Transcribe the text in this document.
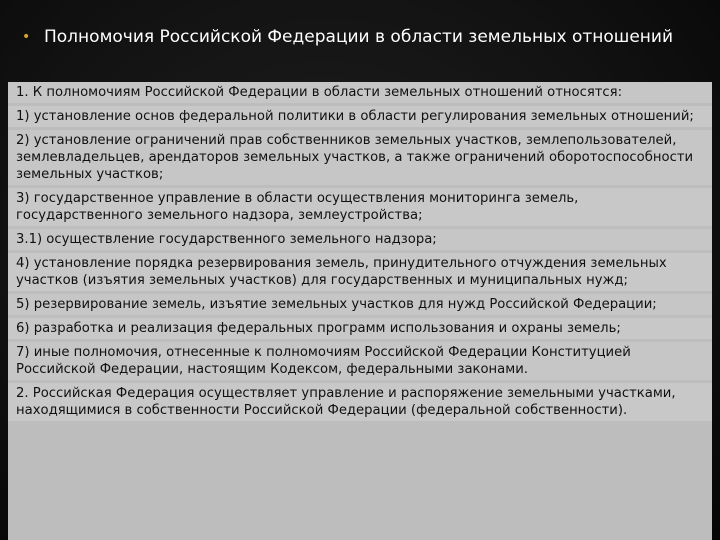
• Полномочия Российской Федерации в области земельных отношений
1. К полномочиям Российской Федерации в области земельных отношений относятся:
1) установление основ федеральной политики в области регулирования земельных отношений;
2) установление ограничений прав собственников земельных участков, землепользователей, землевладельцев, арендаторов земельных участков, а также ограничений оборотоспособности земельных участков;
3) государственное управление в области осуществления мониторинга земель, государственного земельного надзора, землеустройства;
3.1) осуществление государственного земельного надзора;
4) установление порядка резервирования земель, принудительного отчуждения земельных участков (изъятия земельных участков) для государственных и муниципальных нужд;
5) резервирование земель, изъятие земельных участков для нужд Российской Федерации;
6) разработка и реализация федеральных программ использования и охраны земель;
7) иные полномочия, отнесенные к полномочиям Российской Федерации Конституцией Российской Федерации, настоящим Кодексом, федеральными законами.
2. Российская Федерация осуществляет управление и распоряжение земельными участками, находящимися в собственности Российской Федерации (федеральной собственности).
